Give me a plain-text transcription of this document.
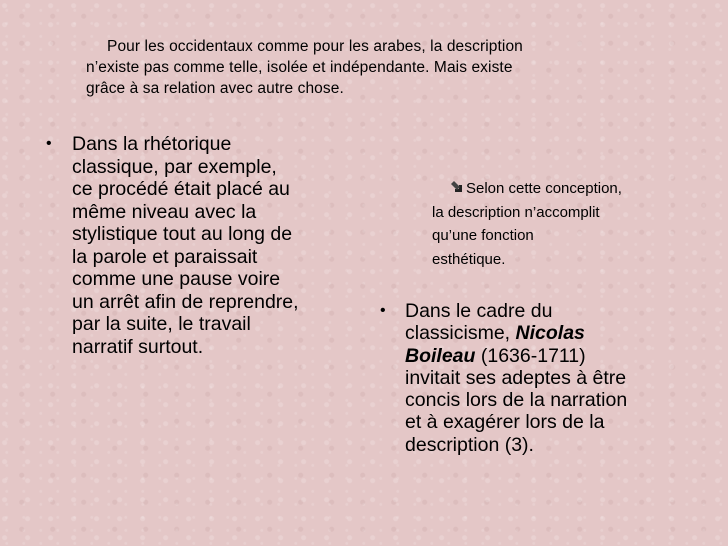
Pour les occidentaux comme pour les arabes, la description
n’existe pas comme telle, isolée et indépendante. Mais existe
grâce à sa relation avec autre chose.
• Dans la rhétorique
classique, par exemple,
ce procédé était placé au
même niveau avec la
stylistique tout au long de
la parole et paraissait
comme une pause voire
un arrêt afin de reprendre,
par la suite, le travail
narratif surtout.
Selon cette conception,
la description n’accomplit
qu’une fonction
esthétique.
• Dans le cadre du
classicisme, Nicolas
Boileau (1636-1711)
invitait ses adeptes à être
concis lors de la narration
et à exagérer lors de la
description (3).
